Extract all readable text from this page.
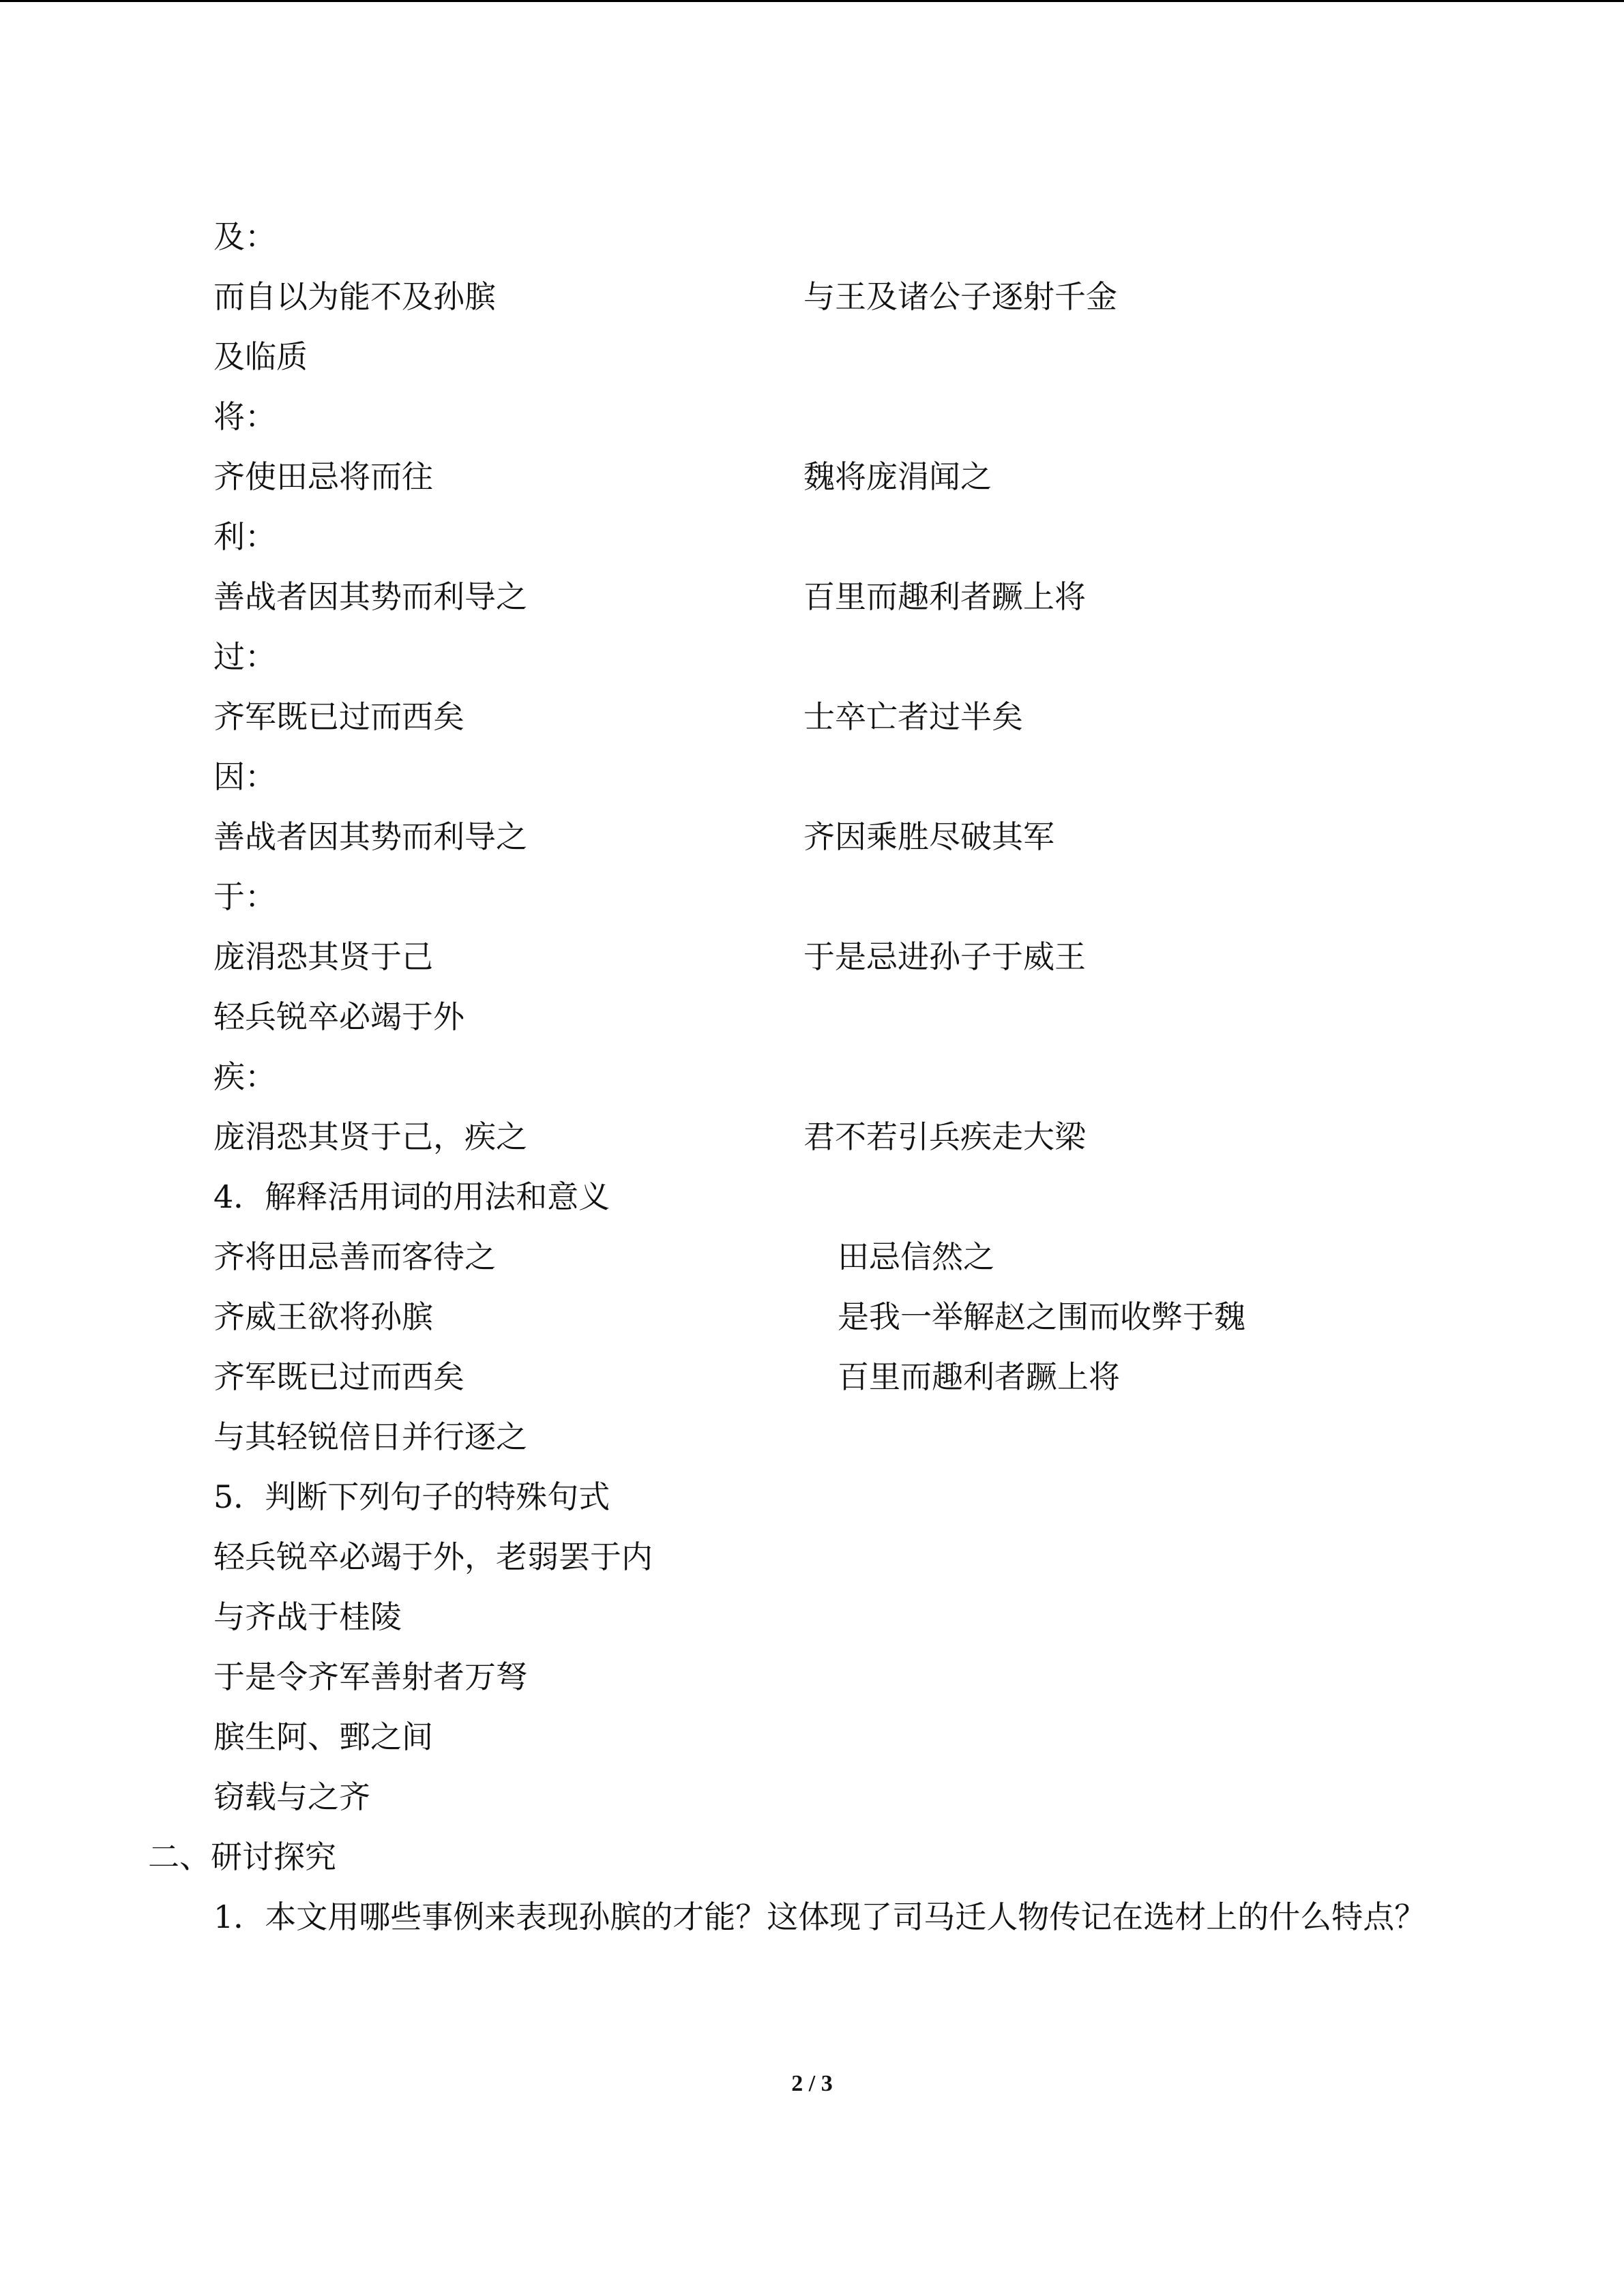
及：
而自以为能不及孙膑	与王及诸公子逐射千金
及临质
将：
齐使田忌将而往	魏将庞涓闻之
利：
善战者因其势而利导之	百里而趣利者蹶上将
过：
齐军既已过而西矣	士卒亡者过半矣
因：
善战者因其势而利导之	齐因乘胜尽破其军
于：
庞涓恐其贤于己	于是忌进孙子于威王
轻兵锐卒必竭于外
疾：
庞涓恐其贤于己，疾之	君不若引兵疾走大梁
4．解释活用词的用法和意义
齐将田忌善而客待之	田忌信然之
齐威王欲将孙膑	是我一举解赵之围而收弊于魏
齐军既已过而西矣	百里而趣利者蹶上将
与其轻锐倍日并行逐之
5．判断下列句子的特殊句式
轻兵锐卒必竭于外，老弱罢于内
与齐战于桂陵
于是令齐军善射者万弩
膑生阿、鄄之间
窃载与之齐
二、研讨探究
1．本文用哪些事例来表现孙膑的才能？这体现了司马迁人物传记在选材上的什么特点？
2 / 3
